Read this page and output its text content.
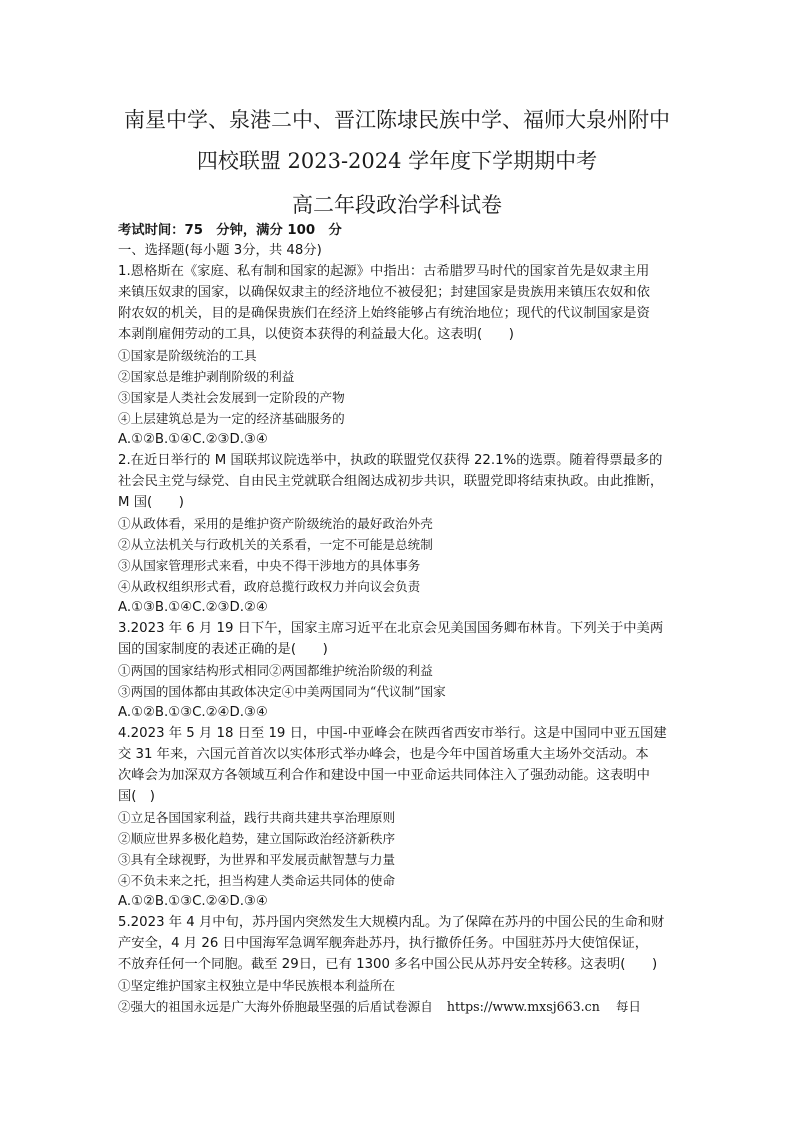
南星中学、泉港二中、晋江陈埭民族中学、福师大泉州附中
四校联盟 2023-2024 学年度下学期期中考
高二年段政治学科试卷
考试时间：75　分钟，满分 100　分
一、选择题(每小题 3分，共 48分)
1.恩格斯在《家庭、私有制和国家的起源》中指出：古希腊罗马时代的国家首先是奴隶主用
来镇压奴隶的国家，以确保奴隶主的经济地位不被侵犯；封建国家是贵族用来镇压农奴和依
附农奴的机关，目的是确保贵族们在经济上始终能够占有统治地位；现代的代议制国家是资
本剥削雇佣劳动的工具，以使资本获得的利益最大化。这表明(　　)
①国家是阶级统治的工具
②国家总是维护剥削阶级的利益
③国家是人类社会发展到一定阶段的产物
④上层建筑总是为一定的经济基础服务的
A.①②B.①④C.②③D.③④
2.在近日举行的 M 国联邦议院选举中，执政的联盟党仅获得 22.1%的选票。随着得票最多的
社会民主党与绿党、自由民主党就联合组阁达成初步共识，联盟党即将结束执政。由此推断，
M 国(　　)
①从政体看，采用的是维护资产阶级统治的最好政治外壳
②从立法机关与行政机关的关系看，一定不可能是总统制
③从国家管理形式来看，中央不得干涉地方的具体事务
④从政权组织形式看，政府总揽行政权力并向议会负责
A.①③B.①④C.②③D.②④
3.2023 年 6 月 19 日下午，国家主席习近平在北京会见美国国务卿布林肯。下列关于中美两
国的国家制度的表述正确的是(　　)
①两国的国家结构形式相同②两国都维护统治阶级的利益
③两国的国体都由其政体决定④中美两国同为“代议制”国家
A.①②B.①③C.②④D.③④
4.2023 年 5 月 18 日至 19 日，中国-中亚峰会在陕西省西安市举行。这是中国同中亚五国建
交 31 年来，六国元首首次以实体形式举办峰会，也是今年中国首场重大主场外交活动。本
次峰会为加深双方各领域互利合作和建设中国一中亚命运共同体注入了强劲动能。这表明中
国(　)
①立足各国国家利益，践行共商共建共享治理原则
②顺应世界多极化趋势，建立国际政治经济新秩序
③具有全球视野，为世界和平发展贡献智慧与力量
④不负未来之托，担当构建人类命运共同体的使命
A.①②B.①③C.②④D.③④
5.2023 年 4 月中旬，苏丹国内突然发生大规模内乱。为了保障在苏丹的中国公民的生命和财
产安全，4 月 26 日中国海军急调军舰奔赴苏丹，执行撤侨任务。中国驻苏丹大使馆保证，
不放弃任何一个同胞。截至 29日，已有 1300 多名中国公民从苏丹安全转移。这表明(　　)
①坚定维护国家主权独立是中华民族根本利益所在
②强大的祖国永远是广大海外侨胞最坚强的后盾试卷源自 https://www.mxsj663.cn 每日
